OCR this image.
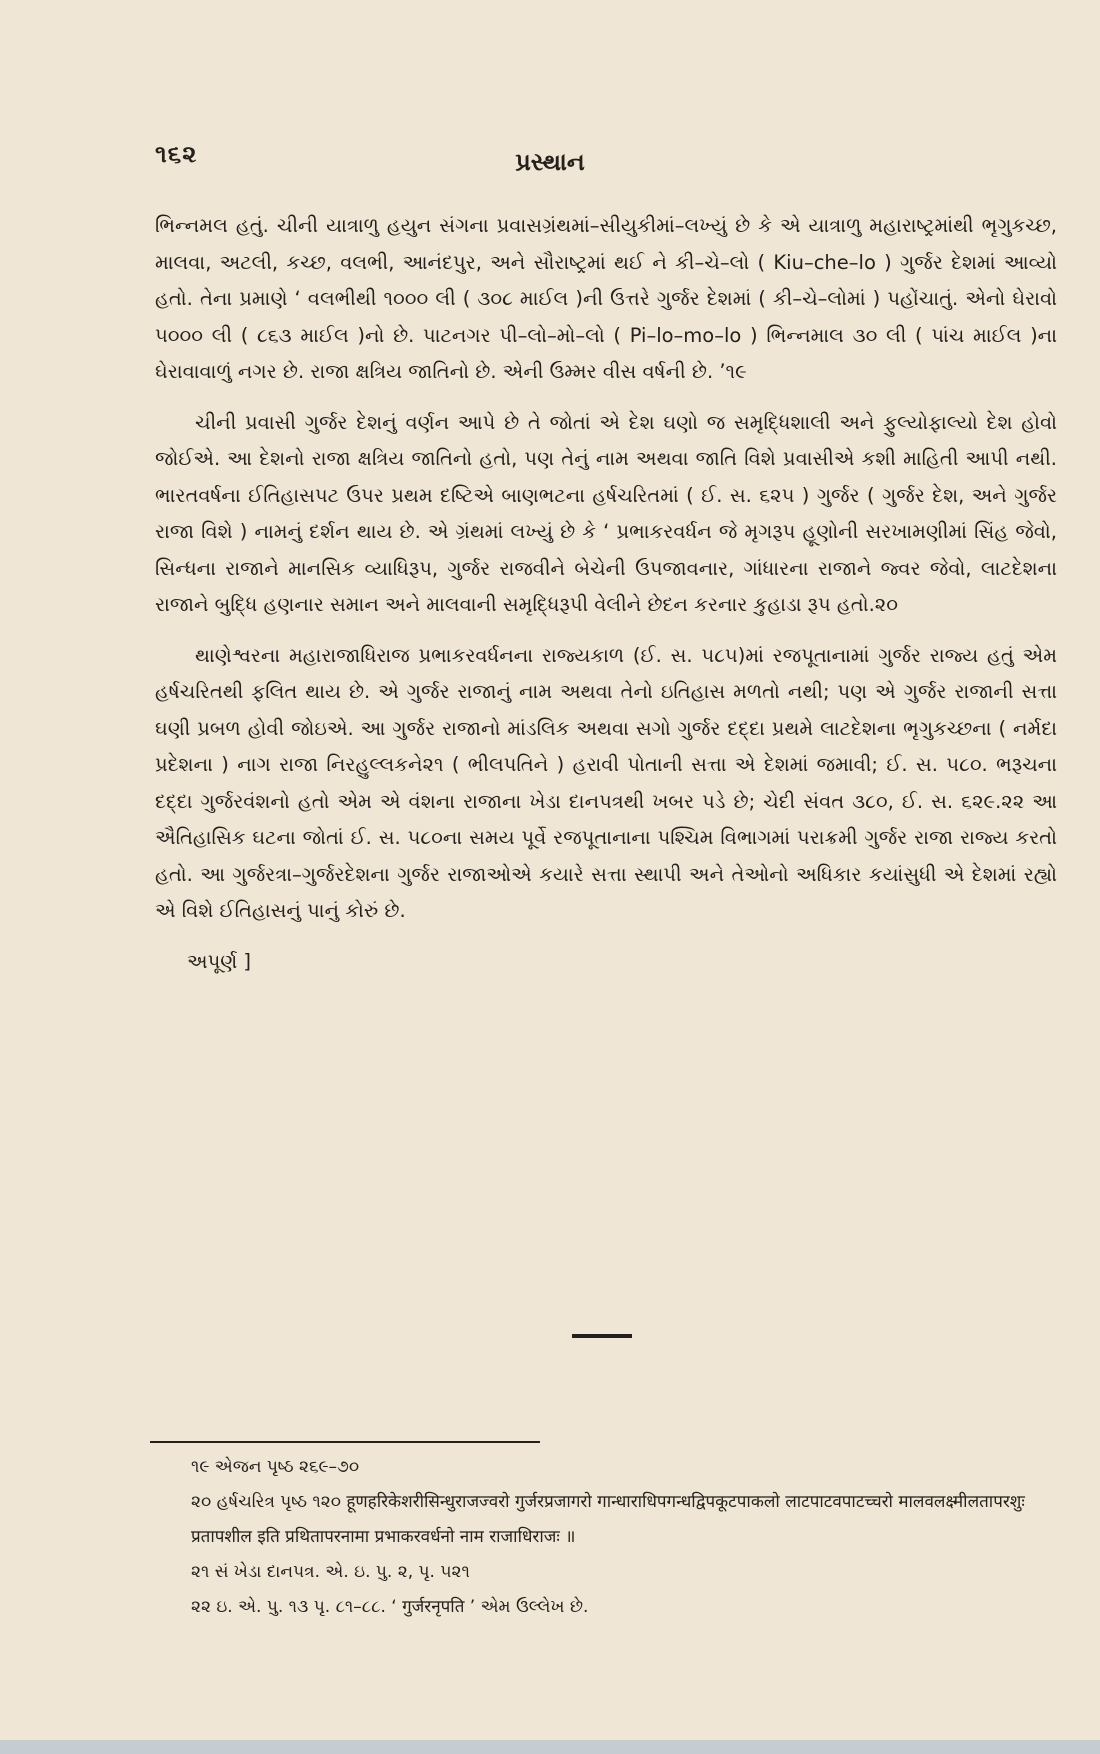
૧૬૨	પ્રસ્થાન

ભિન્નમલ હતું. ચીની યાત્રાળુ હયુન સંગના પ્રવાસગ્રંથમાં–સીયુકીમાં–લખ્યું છે કે એ યાત્રાળુ મહારાષ્ટ્રમાંથી ભૃગુકચ્છ, માલવા, અટલી, કચ્છ, વલભી, આનંદપુર, અને સૌરાષ્ટ્રમાં થઈ ને કી–ચે–લો ( Kiu–che–lo ) ગુર્જર દેશમાં આવ્યો હતો. તેના પ્રમાણે ‘ વલભીથી ૧૦૦૦ લી ( ૩૦૮ માઈલ )ની ઉત્તરે ગુર્જર દેશમાં ( કી–ચે–લોમાં ) પહોંચાતું. એનો ઘેરાવો ૫૦૦૦ લી ( ૮૬૩ માઈલ )નો છે. પાટનગર પી–લો–મો–લો ( Pi–lo–mo–lo ) ભિન્નમાલ ૩૦ લી ( પાંચ માઈલ )ના ઘેરાવાવાળું નગર છે. રાજા ક્ષત્રિય જાતિનો છે. એની ઉમ્મર વીસ વર્ષની છે. ’૧૯

ચીની પ્રવાસી ગુર્જર દેશનું વર્ણન આપે છે તે જોતાં એ દેશ ઘણો જ સમૃદ્ધિશાલી અને ફુલ્યોફાલ્યો દેશ હોવો જોઈએ. આ દેશનો રાજા ક્ષત્રિય જાતિનો હતો, પણ તેનું નામ અથવા જાતિ વિશે પ્રવાસીએ કશી માહિતી આપી નથી. ભારતવર્ષના ઈતિહાસપટ ઉપર પ્રથમ દષ્ટિએ બાણભટના હર્ષચરિતમાં ( ઈ. સ. ૬૨૫ ) ગુર્જર ( ગુર્જર દેશ, અને ગુર્જર રાજા વિશે ) નામનું દર્શન થાય છે. એ ગ્રંથમાં લખ્યું છે કે ‘ પ્રભાકરવર્ધન જે મૃગરૂપ હૂણોની સરખામણીમાં સિંહ જેવો, સિન્ધના રાજાને માનસિક વ્યાધિરૂપ, ગુર્જર રાજવીને બેચેની ઉપજાવનાર, ગાંધારના રાજાને જ્વર જેવો, લાટદેશના રાજાને બુદ્ધિ હણનાર સમાન અને માલવાની સમૃદ્ધિરૂપી વેલીને છેદન કરનાર કુહાડા રૂપ હતો.૨૦

થાણેશ્વરના મહારાજાધિરાજ પ્રભાકરવર્ધનના રાજ્યકાળ (ઈ. સ. ૫૮૫)માં રજપૂતાનામાં ગુર્જર રાજ્ય હતું એમ હર્ષચરિતથી ફલિત થાય છે. એ ગુર્જર રાજાનું નામ અથવા તેનો ઇતિહાસ મળતો નથી; પણ એ ગુર્જર રાજાની સત્તા ઘણી પ્રબળ હોવી જોઇએ. આ ગુર્જર રાજાનો માંડલિક અથવા સગો ગુર્જર દદ્દા પ્રથમે લાટદેશના ભૃગુકચ્છના ( નર્મદા પ્રદેશના ) નાગ રાજા નિરહુલ્લકને૨૧ ( ભીલપતિને ) હરાવી પોતાની સત્તા એ દેશમાં જમાવી; ઈ. સ. ૫૮૦. ભરૂચના દદ્દા ગુર્જરવંશનો હતો એમ એ વંશના રાજાના ખેડા દાનપત્રથી ખબર પડે છે; ચેદી સંવત ૩૮૦, ઈ. સ. ૬૨૯.૨૨ આ ઐતિહાસિક ઘટના જોતાં ઈ. સ. ૫૮૦ના સમય પૂર્વે રજપૂતાનાના પશ્ચિમ વિભાગમાં પરાક્રમી ગુર્જર રાજા રાજ્ય કરતો હતો. આ ગુર્જરત્રા–ગુર્જરદેશના ગુર્જર રાજાઓએ કયારે સત્તા સ્થાપી અને તેઓનો અધિકાર કયાંસુધી એ દેશમાં રહ્યો એ વિશે ઈતિહાસનું પાનું કોરું છે.

અપૂર્ણ ]

૧૯ એજન પૃષ્ઠ ૨૬૯–૭૦

૨૦ હર્ષચરિત્ર પૃષ્ઠ ૧૨૦ हूणहरिकेशरीसिन्धुराजज्वरो गुर्जरप्रजागरो गान्धाराधिपगन्धद्विपकूटपाकलो लाटपाटवपाटच्चरो मालवलक्ष्मीलतापरशुः प्रतापशील इति प्रथितापरनामा प्रभाकरवर्धनो नाम राजाधिराजः ॥

૨૧ સં ખેડા દાનપત્ર. એ. ઇ. પુ. ૨, પૃ. ૫૨૧

૨૨ ઇ. એ. પુ. ૧૩ પૃ. ૮૧–૮૮. ‘ गुर्जरनृपति ’ એમ ઉલ્લેખ છે.
